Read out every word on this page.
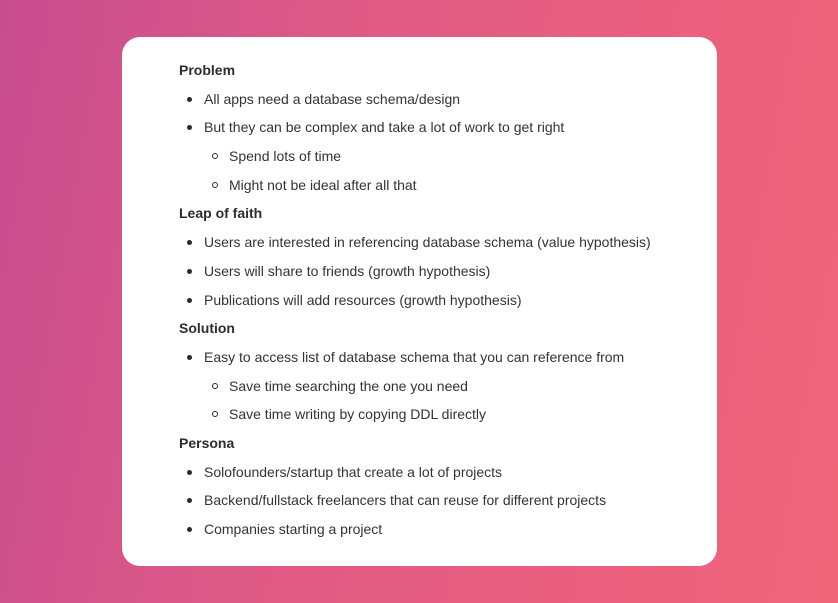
Problem
All apps need a database schema/design
But they can be complex and take a lot of work to get right
Spend lots of time
Might not be ideal after all that
Leap of faith
Users are interested in referencing database schema (value hypothesis)
Users will share to friends (growth hypothesis)
Publications will add resources (growth hypothesis)
Solution
Easy to access list of database schema that you can reference from
Save time searching the one you need
Save time writing by copying DDL directly
Persona
Solofounders/startup that create a lot of projects
Backend/fullstack freelancers that can reuse for different projects
Companies starting a project
